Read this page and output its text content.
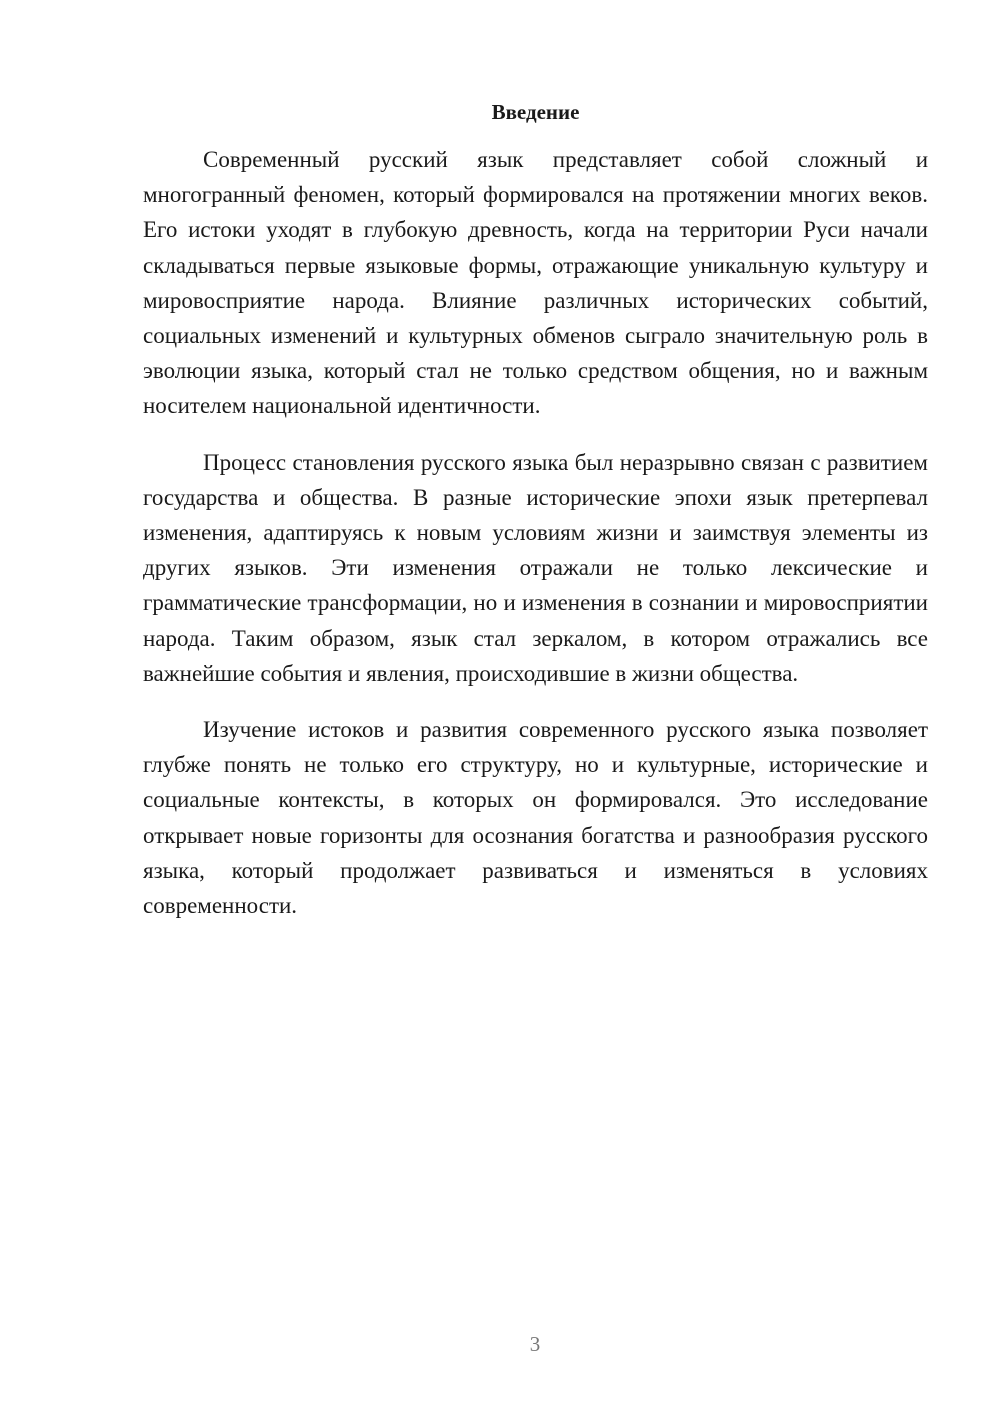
Введение

Современный русский язык представляет собой сложный и многогранный феномен, который формировался на протяжении многих веков. Его истоки уходят в глубокую древность, когда на территории Руси начали складываться первые языковые формы, отражающие уникальную культуру и мировосприятие народа. Влияние различных исторических событий, социальных изменений и культурных обменов сыграло значительную роль в эволюции языка, который стал не только средством общения, но и важным носителем национальной идентичности.

Процесс становления русского языка был неразрывно связан с развитием государства и общества. В разные исторические эпохи язык претерпевал изменения, адаптируясь к новым условиям жизни и заимствуя элементы из других языков. Эти изменения отражали не только лексические и грамматические трансформации, но и изменения в сознании и мировосприятии народа. Таким образом, язык стал зеркалом, в котором отражались все важнейшие события и явления, происходившие в жизни общества.

Изучение истоков и развития современного русского языка позволяет глубже понять не только его структуру, но и культурные, исторические и социальные контексты, в которых он формировался. Это исследование открывает новые горизонты для осознания богатства и разнообразия русского языка, который продолжает развиваться и изменяться в условиях современности.

3
